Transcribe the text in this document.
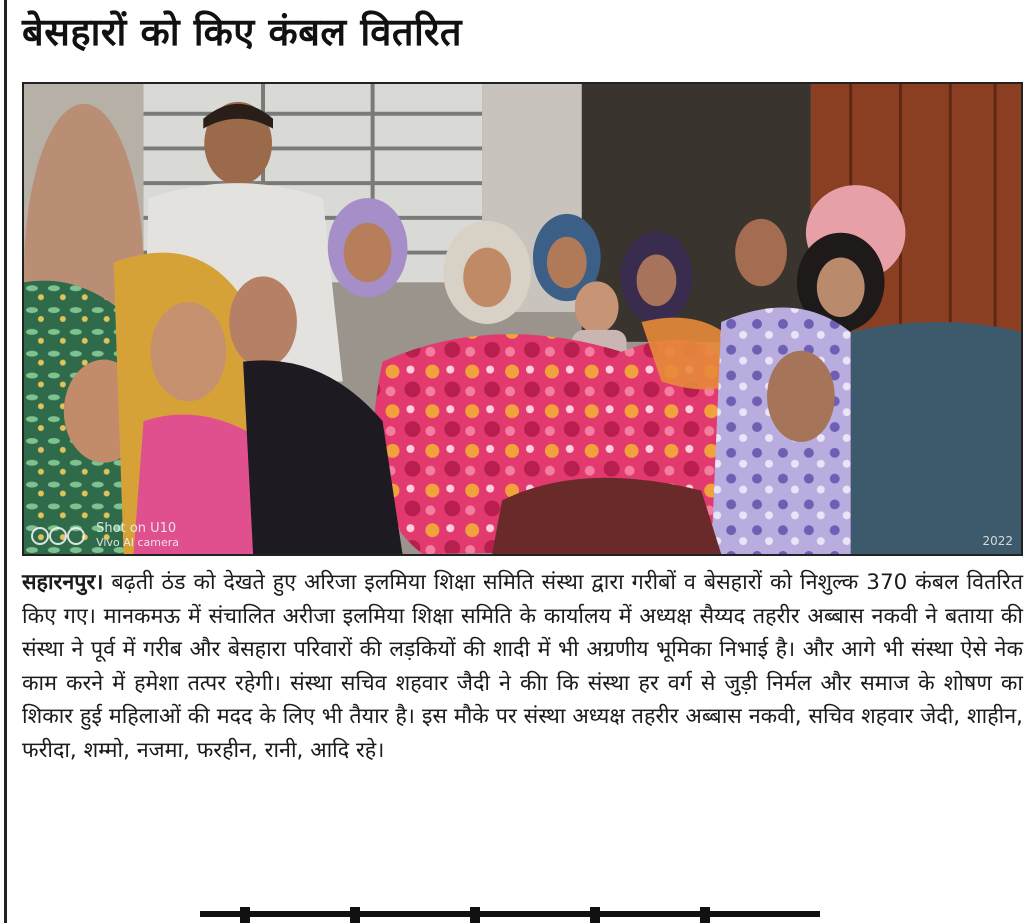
बेसहारों को किए कंबल वितरित
Shot on U10
Vivo AI camera	2022

सहारनपुर। बढ़ती ठंड को देखते हुए अरिजा इलमिया शिक्षा समिति संस्था द्वारा गरीबों व बेसहारों को निशुल्क 370 कंबल वितरित किए गए। मानकमऊ में संचालित अरीजा इलमिया शिक्षा समिति के कार्यालय में अध्यक्ष सैय्यद तहरीर अब्बास नकवी ने बताया की संस्था ने पूर्व में गरीब और बेसहारा परिवारों की लड़कियों की शादी में भी अग्रणीय भूमिका निभाई है। और आगे भी संस्था ऐसे नेक काम करने में हमेशा तत्पर रहेगी। संस्था सचिव शहवार जैदी ने कीा कि संस्था हर वर्ग से जुड़ी निर्मल और समाज के शोषण का शिकार हुई महिलाओं की मदद के लिए भी तैयार है। इस मौके पर संस्था अध्यक्ष तहरीर अब्बास नकवी, सचिव शहवार जेदी, शाहीन, फरीदा, शम्मो, नजमा, फरहीन, रानी, आदि रहे।
